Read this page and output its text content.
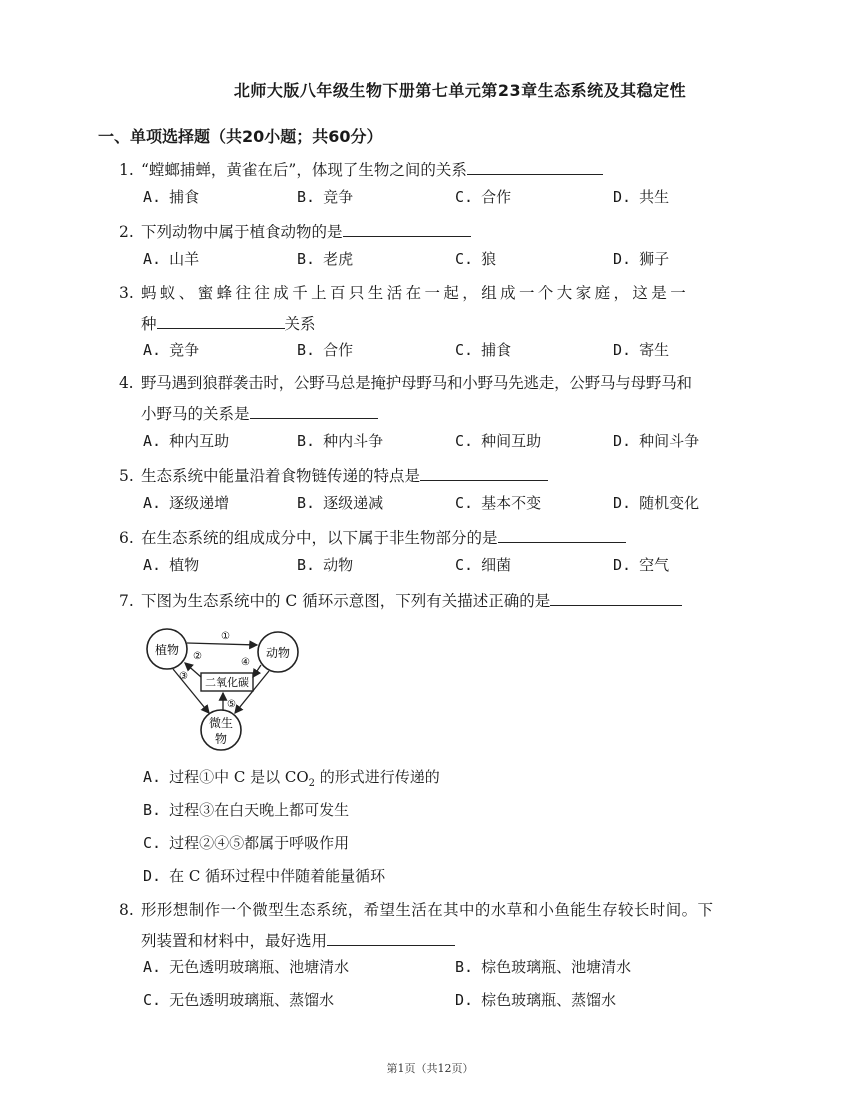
北师大版八年级生物下册第七单元第23章生态系统及其稳定性
一、单项选择题（共20小题；共60分）
1. “螳螂捕蝉，黄雀在后”，体现了生物之间的关系
A. 捕食	B. 竞争	C. 合作	D. 共生
2. 下列动物中属于植食动物的是
A. 山羊	B. 老虎	C. 狼	D. 狮子
3. 蚂蚁、蜜蜂往往成千上百只生活在一起，组成一个大家庭，这是一
种	关系
A. 竞争	B. 合作	C. 捕食	D. 寄生
4. 野马遇到狼群袭击时，公野马总是掩护母野马和小野马先逃走，公野马与母野马和
小野马的关系是
A. 种内互助	B. 种内斗争	C. 种间互助	D. 种间斗争
5. 生态系统中能量沿着食物链传递的特点是
A. 逐级递增	B. 逐级递减	C. 基本不变	D. 随机变化
6. 在生态系统的组成成分中，以下属于非生物部分的是
A. 植物	B. 动物	C. 细菌	D. 空气
7. 下图为生态系统中的 C 循环示意图，下列有关描述正确的是
植物	动物
微生
物
二氧化碳
①
②
③
④
⑤
A. 过程①中 C 是以 $CO_2$ 的形式进行传递的
B. 过程③在白天晚上都可发生
C. 过程②④⑤都属于呼吸作用
D. 在 C 循环过程中伴随着能量循环
8. 形形想制作一个微型生态系统，希望生活在其中的水草和小鱼能生存较长时间。下
列装置和材料中，最好选用
A. 无色透明玻璃瓶、池塘清水	B. 棕色玻璃瓶、池塘清水
C. 无色透明玻璃瓶、蒸馏水	D. 棕色玻璃瓶、蒸馏水
第1页（共12页）
